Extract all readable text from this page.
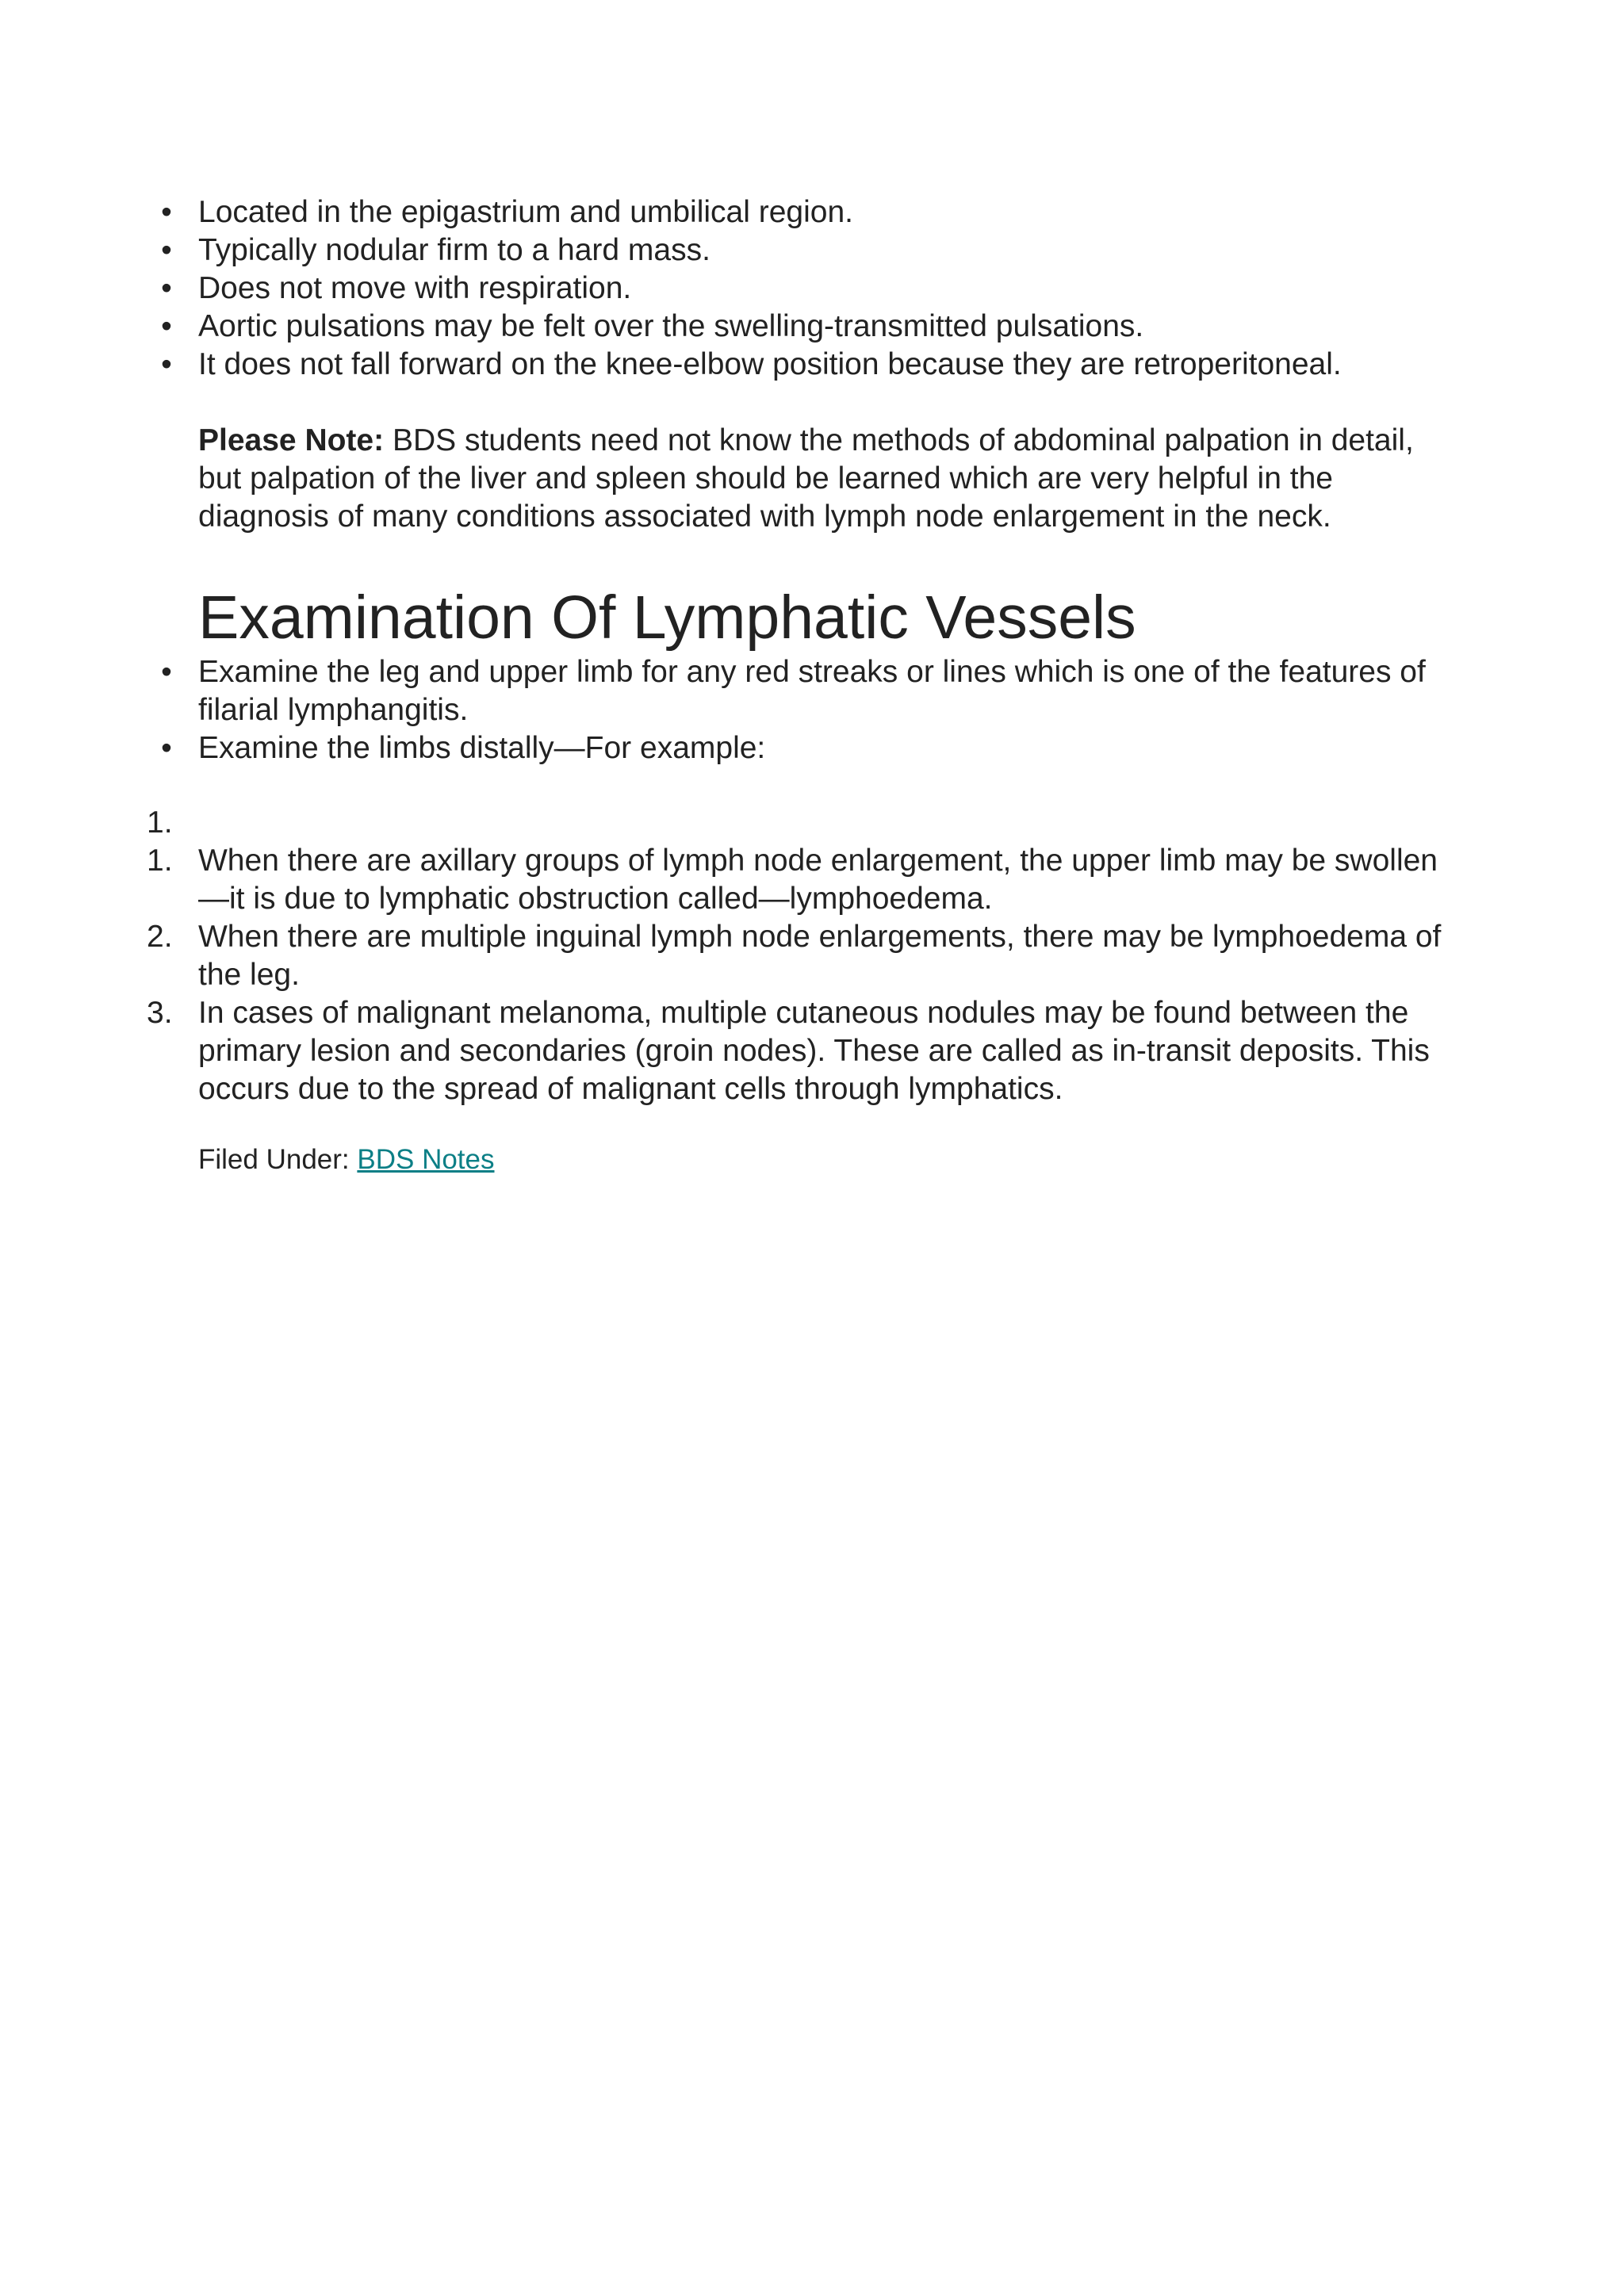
• Located in the epigastrium and umbilical region.
• Typically nodular firm to a hard mass.
• Does not move with respiration.
• Aortic pulsations may be felt over the swelling-transmitted pulsations.
• It does not fall forward on the knee-elbow position because they are retroperitoneal.

Please Note: BDS students need not know the methods of abdominal palpation in detail, but palpation of the liver and spleen should be learned which are very helpful in the diagnosis of many conditions associated with lymph node enlargement in the neck.

Examination Of Lymphatic Vessels
• Examine the leg and upper limb for any red streaks or lines which is one of the features of filarial lymphangitis.
• Examine the limbs distally—For example:
1.
1. When there are axillary groups of lymph node enlargement, the upper limb may be swollen —it is due to lymphatic obstruction called—lymphoedema.
2. When there are multiple inguinal lymph node enlargements, there may be lymphoedema of the leg.
3. In cases of malignant melanoma, multiple cutaneous nodules may be found between the primary lesion and secondaries (groin nodes). These are called as in-transit deposits. This occurs due to the spread of malignant cells through lymphatics.
Filed Under: BDS Notes
